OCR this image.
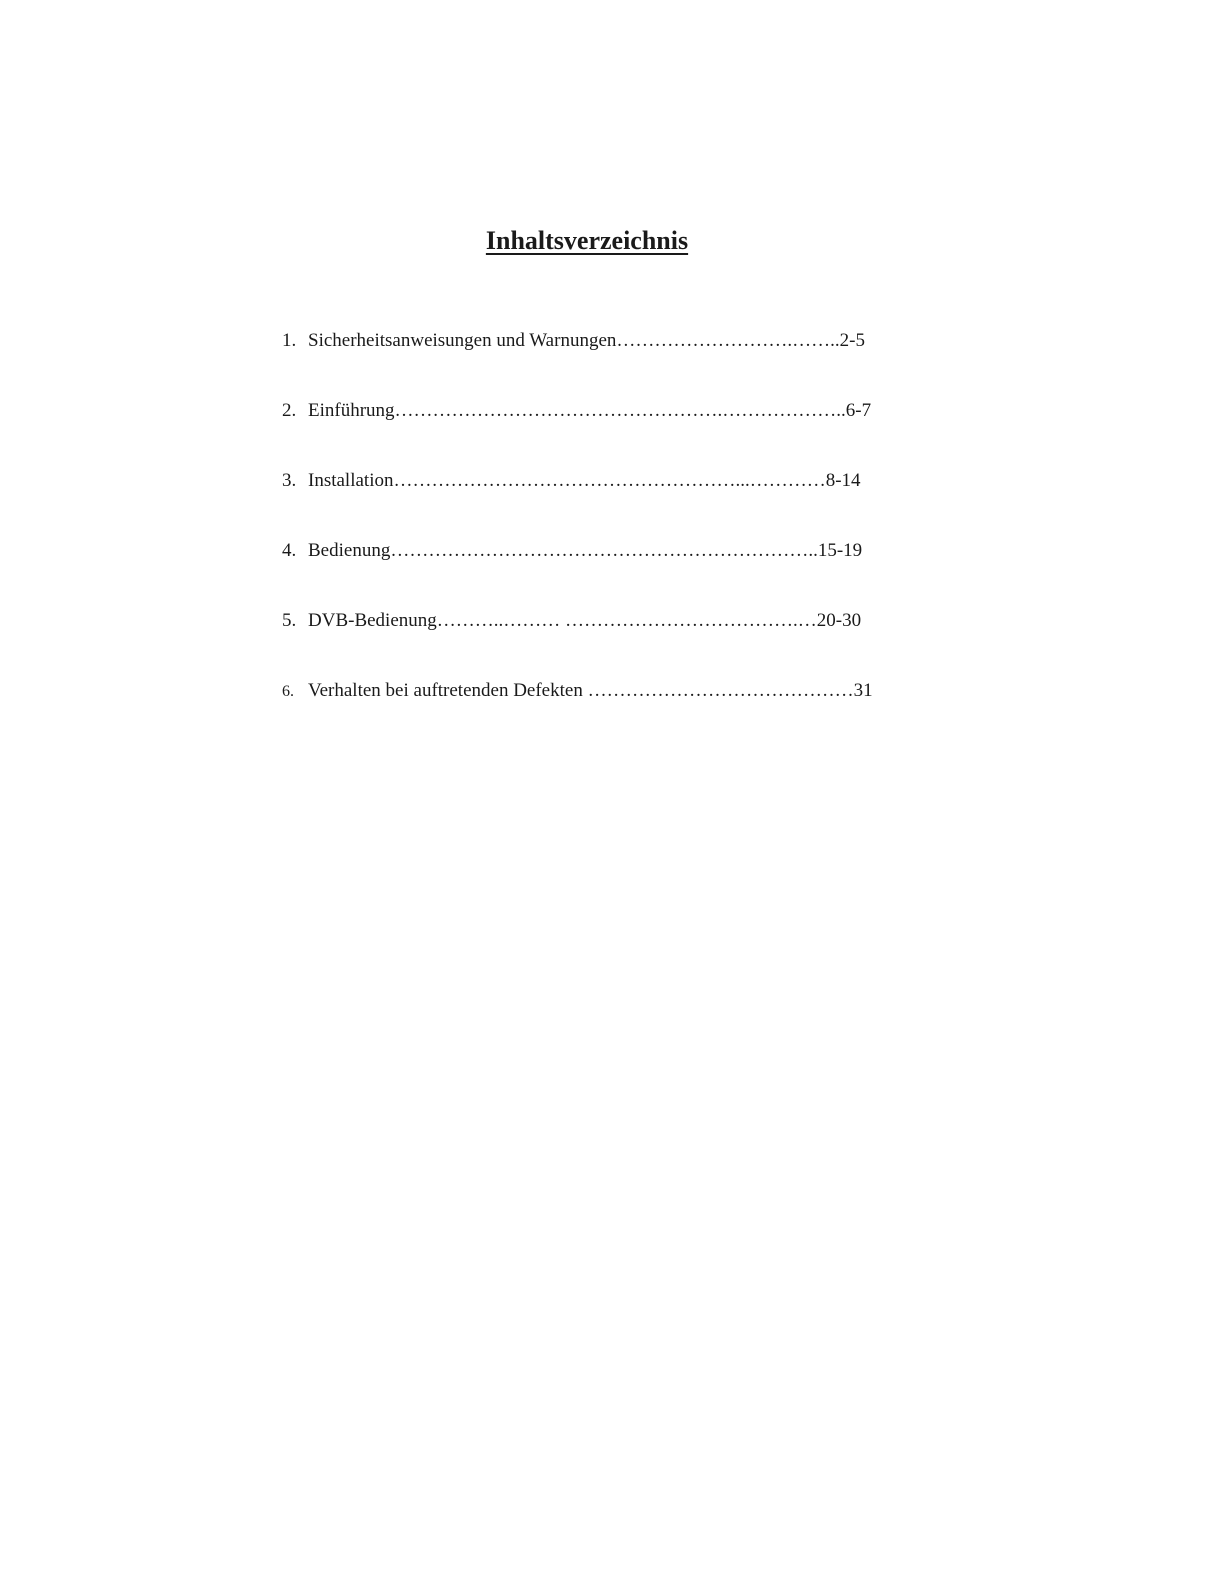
Inhaltsverzeichnis
1. Sicherheitsanweisungen und Warnungen……………………….……..2-5
2. Einführung…………………………………………….………………..6-7
3. Installation………………………………………………...…………8-14
4. Bedienung…………………………………………………………..15-19
5. DVB-Bedienung………..……… ……………………………….…20-30
6. Verhalten bei auftretenden Defekten ……………………………………31
